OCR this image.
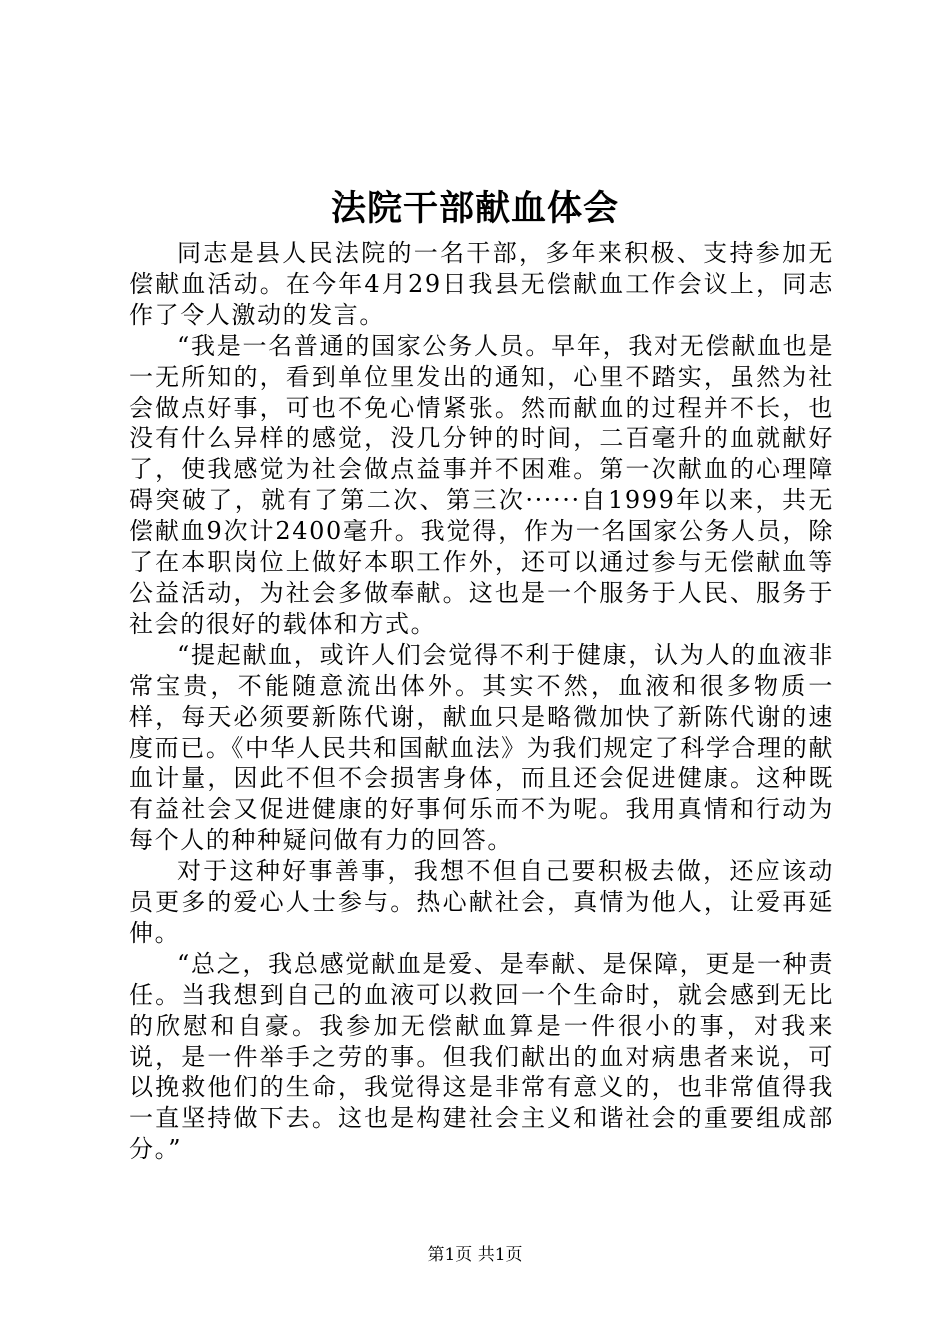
法院干部献血体会

同志是县人民法院的一名干部，多年来积极、支持参加无偿献血活动。在今年4月29日我县无偿献血工作会议上，同志作了令人激动的发言。

“我是一名普通的国家公务人员。早年，我对无偿献血也是一无所知的，看到单位里发出的通知，心里不踏实，虽然为社会做点好事，可也不免心情紧张。然而献血的过程并不长，也没有什么异样的感觉，没几分钟的时间，二百毫升的血就献好了，使我感觉为社会做点益事并不困难。第一次献血的心理障碍突破了，就有了第二次、第三次······自1999年以来，共无偿献血9次计2400毫升。我觉得，作为一名国家公务人员，除了在本职岗位上做好本职工作外，还可以通过参与无偿献血等公益活动，为社会多做奉献。这也是一个服务于人民、服务于社会的很好的载体和方式。

“提起献血，或许人们会觉得不利于健康，认为人的血液非常宝贵，不能随意流出体外。其实不然，血液和很多物质一样，每天必须要新陈代谢，献血只是略微加快了新陈代谢的速度而已。《中华人民共和国献血法》为我们规定了科学合理的献血计量，因此不但不会损害身体，而且还会促进健康。这种既有益社会又促进健康的好事何乐而不为呢。我用真情和行动为每个人的种种疑问做有力的回答。

对于这种好事善事，我想不但自己要积极去做，还应该动员更多的爱心人士参与。热心献社会，真情为他人，让爱再延伸。

“总之，我总感觉献血是爱、是奉献、是保障，更是一种责任。当我想到自己的血液可以救回一个生命时，就会感到无比的欣慰和自豪。我参加无偿献血算是一件很小的事，对我来说，是一件举手之劳的事。但我们献出的血对病患者来说，可以挽救他们的生命，我觉得这是非常有意义的，也非常值得我一直坚持做下去。这也是构建社会主义和谐社会的重要组成部分。”

第1页 共1页
